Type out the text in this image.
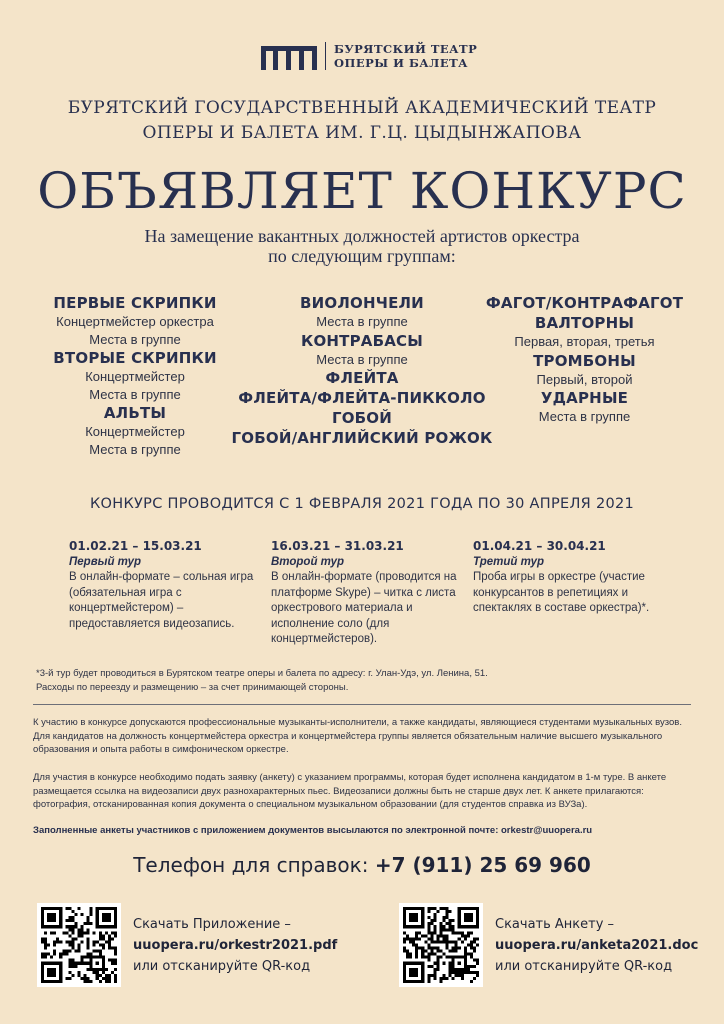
БУРЯТСКИЙ ТЕАТР
ОПЕРЫ И БАЛЕТА
БУРЯТСКИЙ ГОСУДАРСТВЕННЫЙ АКАДЕМИЧЕСКИЙ ТЕАТР
ОПЕРЫ И БАЛЕТА ИМ. Г.Ц. ЦЫДЫНЖАПОВА
ОБЪЯВЛЯЕТ КОНКУРС
На замещение вакантных должностей артистов оркестра
по следующим группам:
ПЕРВЫЕ СКРИПКИ
Концертмейстер оркестра
Места в группе
ВТОРЫЕ СКРИПКИ
Концертмейстер
Места в группе
АЛЬТЫ
Концертмейстер
Места в группе
ВИОЛОНЧЕЛИ
Места в группе
КОНТРАБАСЫ
Места в группе
ФЛЕЙТА
ФЛЕЙТА/ФЛЕЙТА-ПИККОЛО
ГОБОЙ
ГОБОЙ/АНГЛИЙСКИЙ РОЖОК
ФАГОТ/КОНТРАФАГОТ
ВАЛТОРНЫ
Первая, вторая, третья
ТРОМБОНЫ
Первый, второй
УДАРНЫЕ
Места в группе
КОНКУРС ПРОВОДИТСЯ С 1 ФЕВРАЛЯ 2021 ГОДА ПО 30 АПРЕЛЯ 2021
01.02.21 – 15.03.21
Первый тур
В онлайн-формате – сольная игра (обязательная игра с концертмейстером) – предоставляется видеозапись.
16.03.21 – 31.03.21
Второй тур
В онлайн-формате (проводится на платформе Skype) – читка с листа оркестрового материала и исполнение соло (для концертмейстеров).
01.04.21 – 30.04.21
Третий тур
Проба игры в оркестре (участие конкурсантов в репетициях и спектаклях в составе оркестра)*.
*3-й тур будет проводиться в Бурятском театре оперы и балета по адресу: г. Улан-Удэ, ул. Ленина, 51.
Расходы по переезду и размещению – за счет принимающей стороны.
К участию в конкурсе допускаются профессиональные музыканты-исполнители, а также кандидаты, являющиеся студентами музыкальных вузов. Для кандидатов на должность концертмейстера оркестра и концертмейстера группы является обязательным наличие высшего музыкального образования и опыта работы в симфоническом оркестре.
Для участия в конкурсе необходимо подать заявку (анкету) с указанием программы, которая будет исполнена кандидатом в 1-м туре. В анкете размещается ссылка на видеозаписи двух разнохарактерных пьес. Видеозаписи должны быть не старше двух лет. К анкете прилагаются: фотография, отсканированная копия документа о специальном музыкальном образовании (для студентов справка из ВУЗа).
Заполненные анкеты участников с приложением документов высылаются по электронной почте: orkestr@uuopera.ru
Телефон для справок: +7 (911) 25 69 960
Скачать Приложение –
uuopera.ru/orkestr2021.pdf
или отсканируйте QR-код
Скачать Анкету –
uuopera.ru/anketa2021.doc
или отсканируйте QR-код
